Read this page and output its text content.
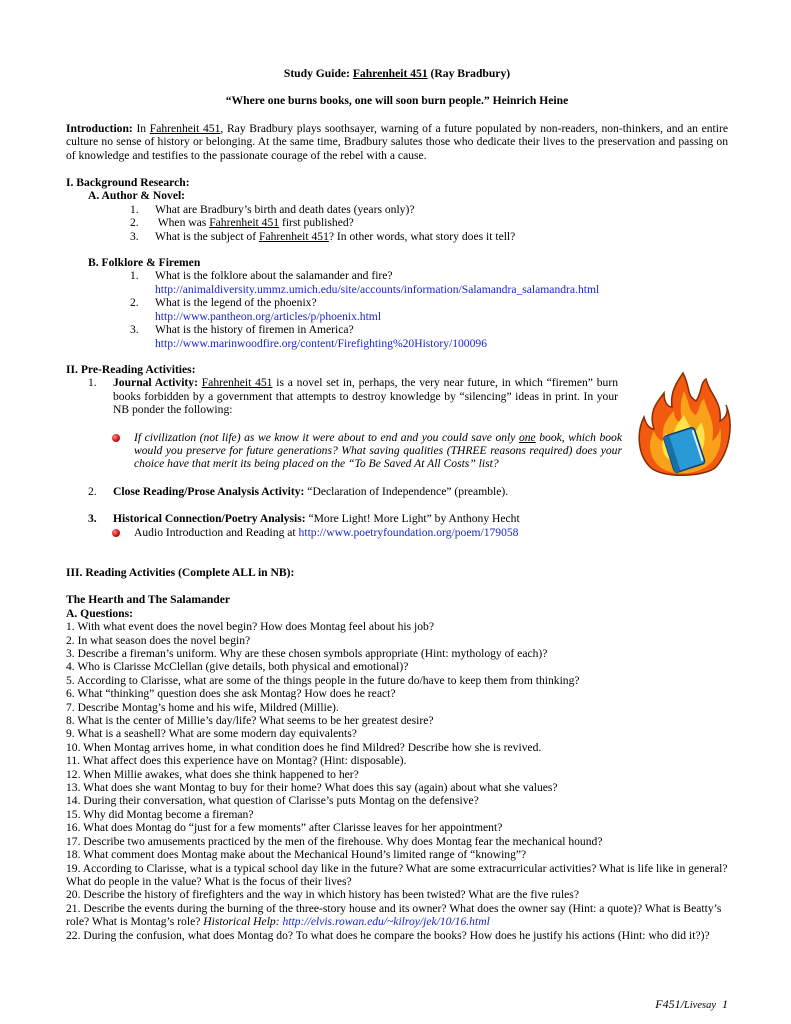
Study Guide: Fahrenheit 451 (Ray Bradbury)
“Where one burns books, one will soon burn people.” Heinrich Heine
Introduction: In Fahrenheit 451, Ray Bradbury plays soothsayer, warning of a future populated by non-readers, non-thinkers, and an entire culture no sense of history or belonging. At the same time, Bradbury salutes those who dedicate their lives to the preservation and passing on of knowledge and testifies to the passionate courage of the rebel with a cause.
I. Background Research:
A. Author & Novel:
1.	What are Bradbury’s birth and death dates (years only)?
2.	When was Fahrenheit 451 first published?
3.	What is the subject of Fahrenheit 451? In other words, what story does it tell?
B. Folklore & Firemen
1.	What is the folklore about the salamander and fire?
http://animaldiversity.ummz.umich.edu/site/accounts/information/Salamandra_salamandra.html
2.	What is the legend of the phoenix?
http://www.pantheon.org/articles/p/phoenix.html
3.	What is the history of firemen in America?
http://www.marinwoodfire.org/content/Firefighting%20History/100096
II. Pre-Reading Activities:
1.	Journal Activity: Fahrenheit 451 is a novel set in, perhaps, the very near future, in which “firemen” burn books forbidden by a government that attempts to destroy knowledge by “silencing” ideas in print. In your NB ponder the following:
If civilization (not life) as we know it were about to end and you could save only one book, which book would you preserve for future generations? What saving qualities (THREE reasons required) does your choice have that merit its being placed on the “To Be Saved At All Costs” list?
2.	Close Reading/Prose Analysis Activity: “Declaration of Independence” (preamble).
3.	Historical Connection/Poetry Analysis: “More Light! More Light” by Anthony Hecht
Audio Introduction and Reading at http://www.poetryfoundation.org/poem/179058
III. Reading Activities (Complete ALL in NB):
The Hearth and The Salamander
A. Questions:
1. With what event does the novel begin? How does Montag feel about his job?
2. In what season does the novel begin?
3. Describe a fireman’s uniform. Why are these chosen symbols appropriate (Hint: mythology of each)?
4. Who is Clarisse McClellan (give details, both physical and emotional)?
5. According to Clarisse, what are some of the things people in the future do/have to keep them from thinking?
6. What “thinking” question does she ask Montag? How does he react?
7. Describe Montag’s home and his wife, Mildred (Millie).
8. What is the center of Millie’s day/life? What seems to be her greatest desire?
9. What is a seashell? What are some modern day equivalents?
10. When Montag arrives home, in what condition does he find Mildred? Describe how she is revived.
11. What affect does this experience have on Montag? (Hint: disposable).
12. When Millie awakes, what does she think happened to her?
13. What does she want Montag to buy for their home? What does this say (again) about what she values?
14. During their conversation, what question of Clarisse’s puts Montag on the defensive?
15. Why did Montag become a fireman?
16. What does Montag do “just for a few moments” after Clarisse leaves for her appointment?
17. Describe two amusements practiced by the men of the firehouse. Why does Montag fear the mechanical hound?
18. What comment does Montag make about the Mechanical Hound’s limited range of “knowing”?
19. According to Clarisse, what is a typical school day like in the future? What are some extracurricular activities? What is life like in general? What do people in the value? What is the focus of their lives?
20. Describe the history of firefighters and the way in which history has been twisted? What are the five rules?
21. Describe the events during the burning of the three-story house and its owner? What does the owner say (Hint: a quote)? What is Beatty’s role? What is Montag’s role? Historical Help: http://elvis.rowan.edu/~kilroy/jek/10/16.html
22. During the confusion, what does Montag do? To what does he compare the books? How does he justify his actions (Hint: who did it?)?
F451/Livesay  1
